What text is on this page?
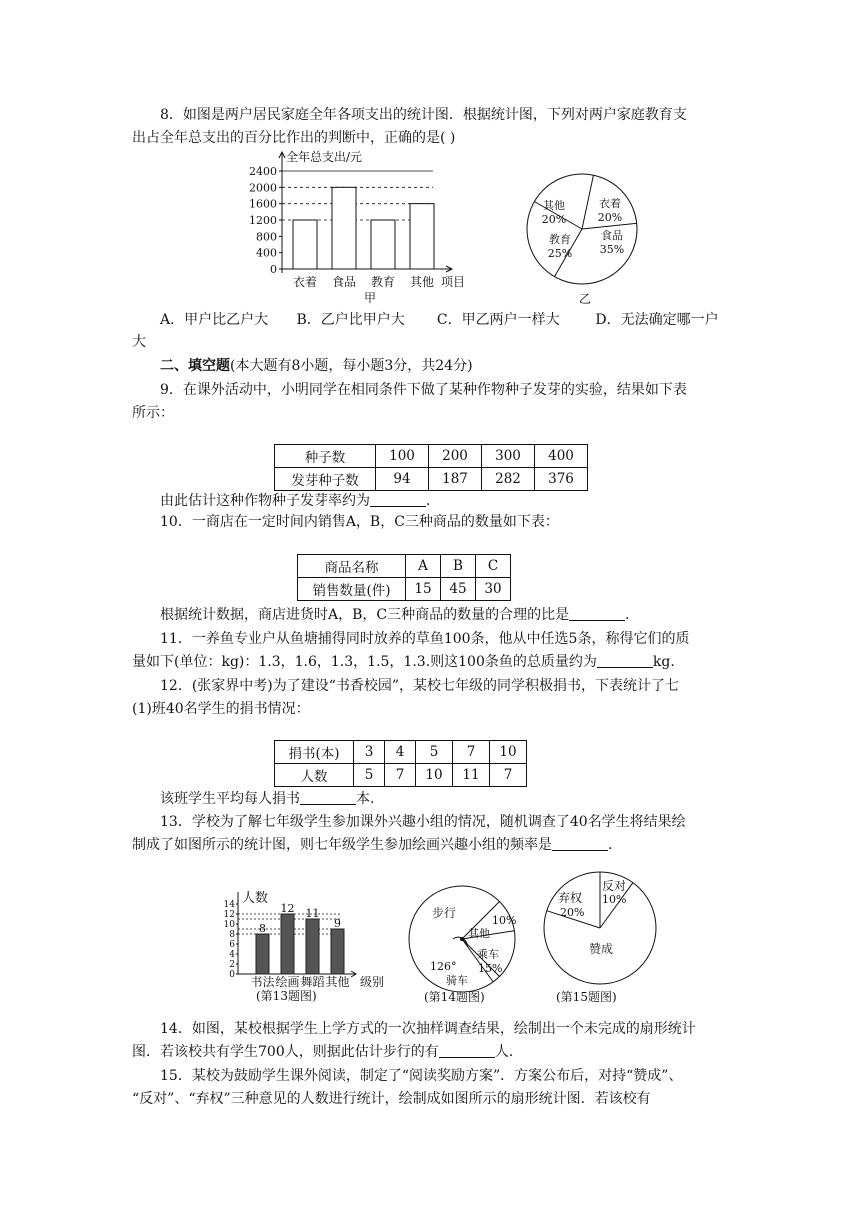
8．如图是两户居民家庭全年各项支出的统计图．根据统计图，下列对两户家庭教育支
出占全年总支出的百分比作出的判断中，正确的是( )
全年总支出/元
项目
甲
2400
2000
1600
1200
800
400
0
衣着 食品 教育 其他
其他
20%
衣着
20%
食品
35%
教育
25%
乙
A．甲户比乙户大 B．乙户比甲户大 C．甲乙两户一样大	D．无法确定哪一户
大
二、填空题(本大题有8小题，每小题3分，共24分)
9．在课外活动中，小明同学在相同条件下做了某种作物种子发芽的实验，结果如下表
所示：
种子数	100	200	300	400
发芽种子数	94	187	282	376
由此估计这种作物种子发芽率约为	．
10．一商店在一定时间内销售A，B，C三种商品的数量如下表：
商品名称	A	B	C
销售数量(件)	15	45	30
根据统计数据，商店进货时A，B，C三种商品的数量的合理的比是	．
11．一养鱼专业户从鱼塘捕得同时放养的草鱼100条，他从中任选5条，称得它们的质
量如下(单位：kg)：1.3，1.6，1.3，1.5，1.3.则这100条鱼的总质量约为	kg.
12．(张家界中考)为了建设“书香校园”，某校七年级的同学积极捐书，下表统计了七
(1)班40名学生的捐书情况：
捐书(本)	3	4	5	7	10
人数	5	7	10	11	7
该班学生平均每人捐书	本.
13．学校为了解七年级学生参加课外兴趣小组的情况，随机调查了40名学生将结果绘
制成了如图所示的统计图，则七年级学生参加绘画兴趣小组的频率是	．
人数
级别
(第13题图)
14
12
10
8
6
4
2
0
8
书法
12
绘画
11
舞蹈
9
其他
步行
10%
其他
乘车
15%
126°
骑车
(第14题图)
反对
10%
弃权
20%
赞成
(第15题图)
14．如图，某校根据学生上学方式的一次抽样调查结果，绘制出一个未完成的扇形统计
图．若该校共有学生700人，则据此估计步行的有	人.
15．某校为鼓励学生课外阅读，制定了“阅读奖励方案”．方案公布后，对持“赞成”、
“反对”、“弃权”三种意见的人数进行统计，绘制成如图所示的扇形统计图．若该校有
